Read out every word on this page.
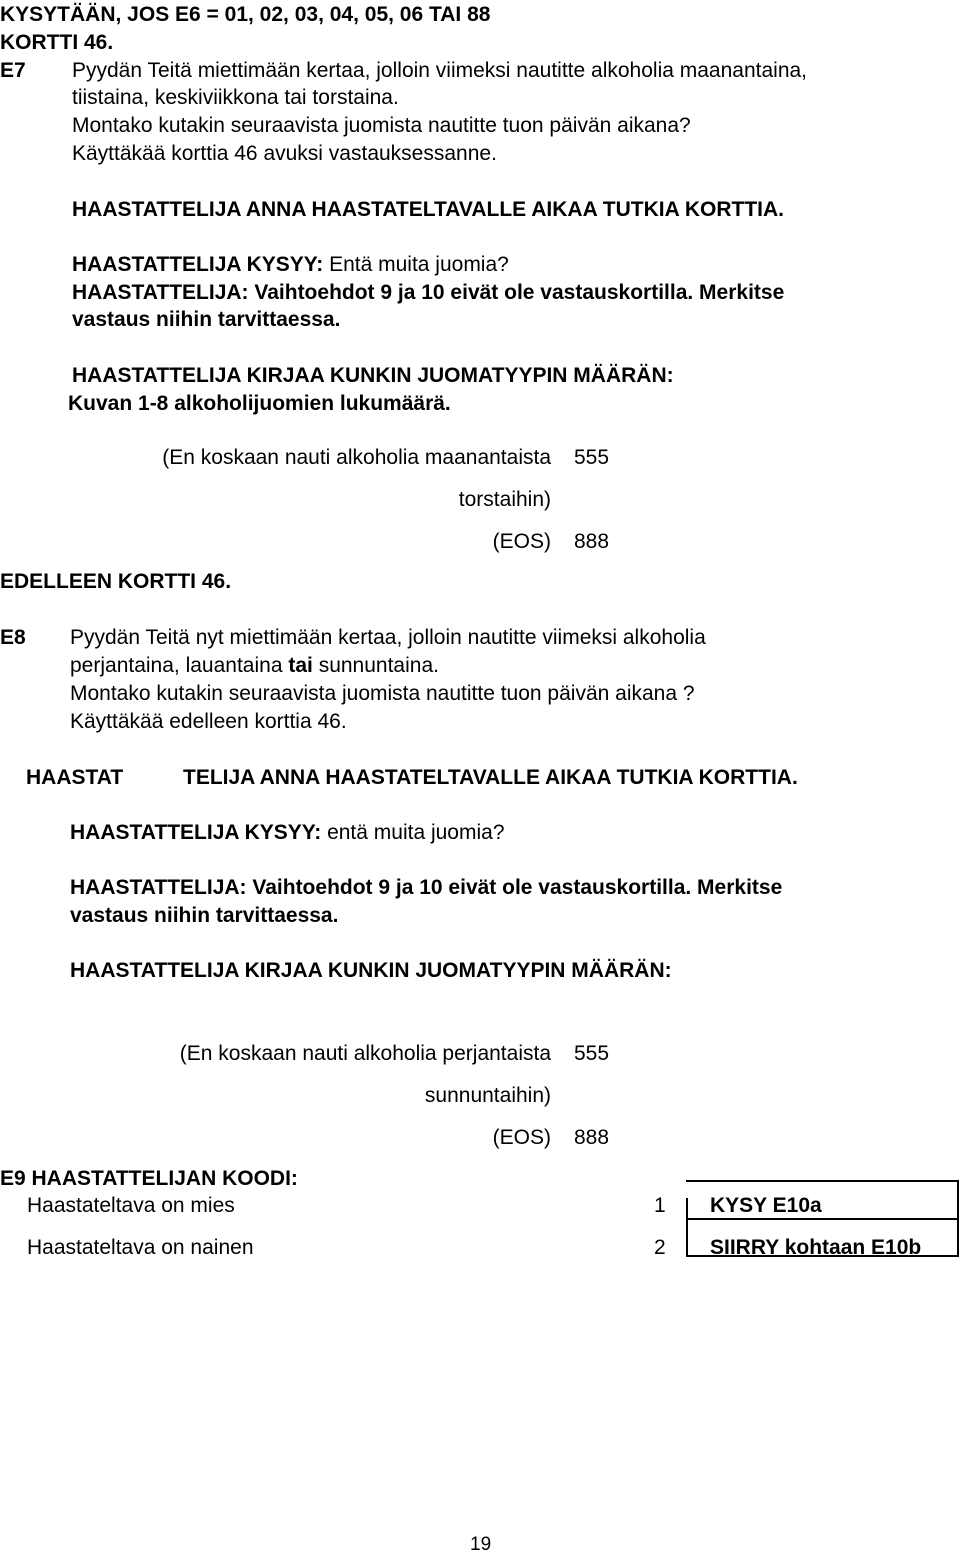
KYSYTÄÄN, JOS E6 = 01, 02, 03, 04, 05, 06 TAI 88
KORTTI 46.
E7 Pyydän Teitä miettimään kertaa, jolloin viimeksi nautitte alkoholia maanantaina,
tiistaina, keskiviikkona tai torstaina.
Montako kutakin seuraavista juomista nautitte tuon päivän aikana?
Käyttäkää korttia 46 avuksi vastauksessanne.
HAASTATTELIJA ANNA HAASTATELTAVALLE AIKAA TUTKIA KORTTIA.
HAASTATTELIJA KYSYY: Entä muita juomia?
HAASTATTELIJA: Vaihtoehdot 9 ja 10 eivät ole vastauskortilla. Merkitse
vastaus niihin tarvittaessa.
HAASTATTELIJA KIRJAA KUNKIN JUOMATYYPIN MÄÄRÄN:
Kuvan 1-8 alkoholijuomien lukumäärä.
(En koskaan nauti alkoholia maanantaista 555
torstaihin)
(EOS) 888
EDELLEEN KORTTI 46.
E8 Pyydän Teitä nyt miettimään kertaa, jolloin nautitte viimeksi alkoholia
perjantaina, lauantaina tai sunnuntaina.
Montako kutakin seuraavista juomista nautitte tuon päivän aikana ?
Käyttäkää edelleen korttia 46.
HAASTAT	TELIJA ANNA HAASTATELTAVALLE AIKAA TUTKIA KORTTIA.
HAASTATTELIJA KYSYY: entä muita juomia?
HAASTATTELIJA: Vaihtoehdot 9 ja 10 eivät ole vastauskortilla. Merkitse
vastaus niihin tarvittaessa.
HAASTATTELIJA KIRJAA KUNKIN JUOMATYYPIN MÄÄRÄN:
(En koskaan nauti alkoholia perjantaista 555
sunnuntaihin)
(EOS) 888
E9 HAASTATTELIJAN KOODI:
Haastateltava on mies	1 KYSY E10a
Haastateltava on nainen	2 SIIRRY kohtaan E10b
19
